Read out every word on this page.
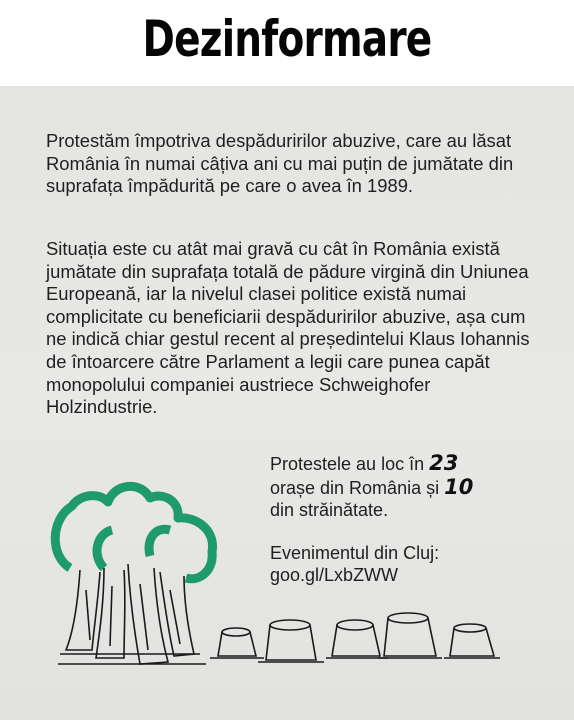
Dezinformare
Protestăm împotriva despăduririlor abuzive, care au lăsat România în numai câțiva ani cu mai puțin de jumătate din suprafața împădurită pe care o avea în 1989.
Situația este cu atât mai gravă cu cât în România există jumătate din suprafața totală de pădure virgină din Uniunea Europeană, iar la nivelul clasei politice există numai complicitate cu beneficiarii despăduririlor abuzive, așa cum ne indică chiar gestul recent al președintelui Klaus Iohannis de întoarcere către Parlament a legii care punea capăt monopolului companiei austriece Schweighofer Holzindustrie.
Protestele au loc în 23
orașe din România și 10
din străinătate.
Evenimentul din Cluj:
goo.gl/LxbZWW
